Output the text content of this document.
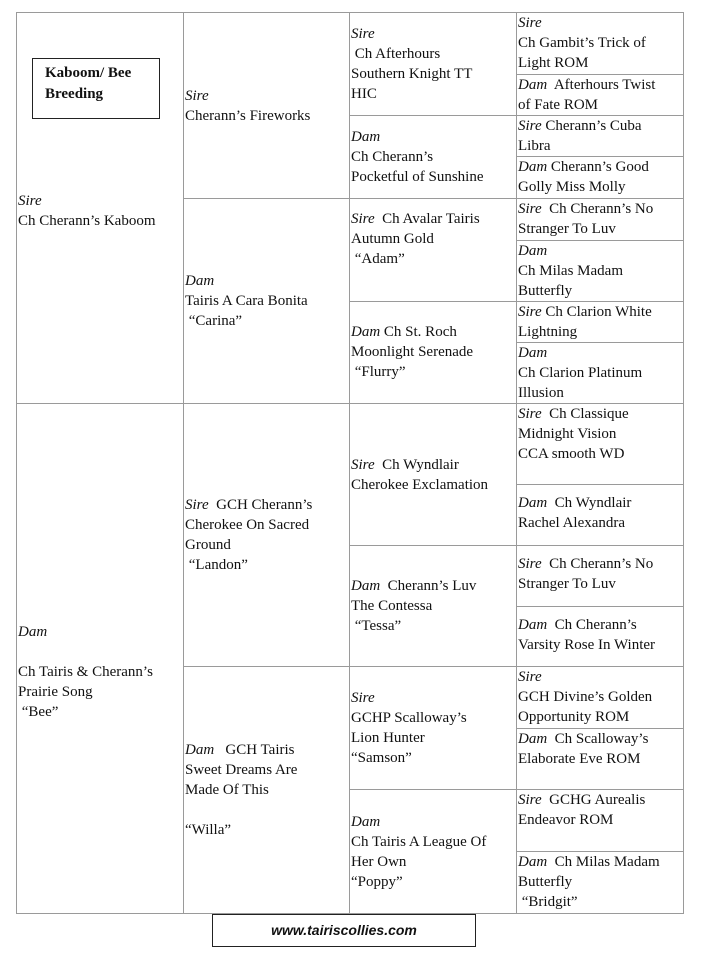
Sire
Ch Cherann’s Kaboom
Dam
Ch Tairis & Cherann’s
Prairie Song
“Bee”
Sire
Cherann’s Fireworks
Dam
Tairis A Cara Bonita
“Carina”
Sire  GCH Cherann’s
Cherokee On Sacred
Ground
“Landon”
Dam   GCH Tairis
Sweet Dreams Are
Made Of This
“Willa”
Sire
Ch Afterhours
Southern Knight TT
HIC
Dam
Ch Cherann’s
Pocketful of Sunshine
Sire  Ch Avalar Tairis
Autumn Gold
“Adam”
Dam Ch St. Roch
Moonlight Serenade
“Flurry”
Sire  Ch Wyndlair
Cherokee Exclamation
Dam  Cherann’s Luv
The Contessa
“Tessa”
Sire
GCHP Scalloway’s
Lion Hunter
“Samson”
Dam
Ch Tairis A League Of
Her Own
“Poppy”
Sire
Ch Gambit’s Trick of
Light ROM
Dam  Afterhours Twist
of Fate ROM
Sire Cherann’s Cuba
Libra
Dam Cherann’s Good
Golly Miss Molly
Sire  Ch Cherann’s No
Stranger To Luv
Dam
Ch Milas Madam
Butterfly
Sire Ch Clarion White
Lightning
Dam
Ch Clarion Platinum
Illusion
Sire  Ch Classique
Midnight Vision
CCA smooth WD
Dam  Ch Wyndlair
Rachel Alexandra
Sire  Ch Cherann’s No
Stranger To Luv
Dam  Ch Cherann’s
Varsity Rose In Winter
Sire
GCH Divine’s Golden
Opportunity ROM
Dam  Ch Scalloway’s
Elaborate Eve ROM
Sire  GCHG Aurealis
Endeavor ROM
Dam  Ch Milas Madam
Butterfly
“Bridgit”
Kaboom/ Bee Breeding
www.tairiscollies.com
